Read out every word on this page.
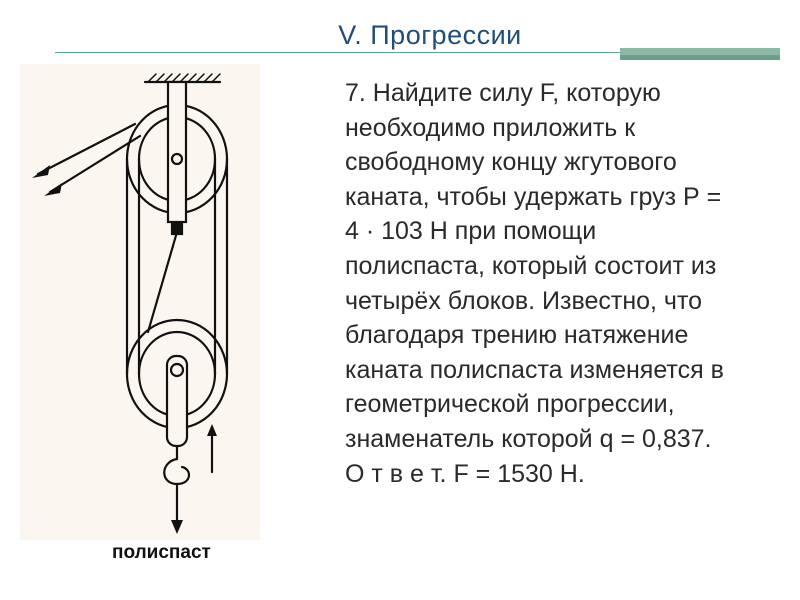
V. Прогрессии
полиспаст
7. Найдите силу F, которую
необходимо приложить к
свободному концу жгутового
каната, чтобы удержать груз Р =
4 · 103 Н при помощи
полиспаста, который состоит из
четырёх блоков. Известно, что
благодаря трению натяжение
каната полиспаста изменяется в
геометрической прогрессии,
знаменатель которой q = 0,837.
О т в е т. F = 1530 Н.
